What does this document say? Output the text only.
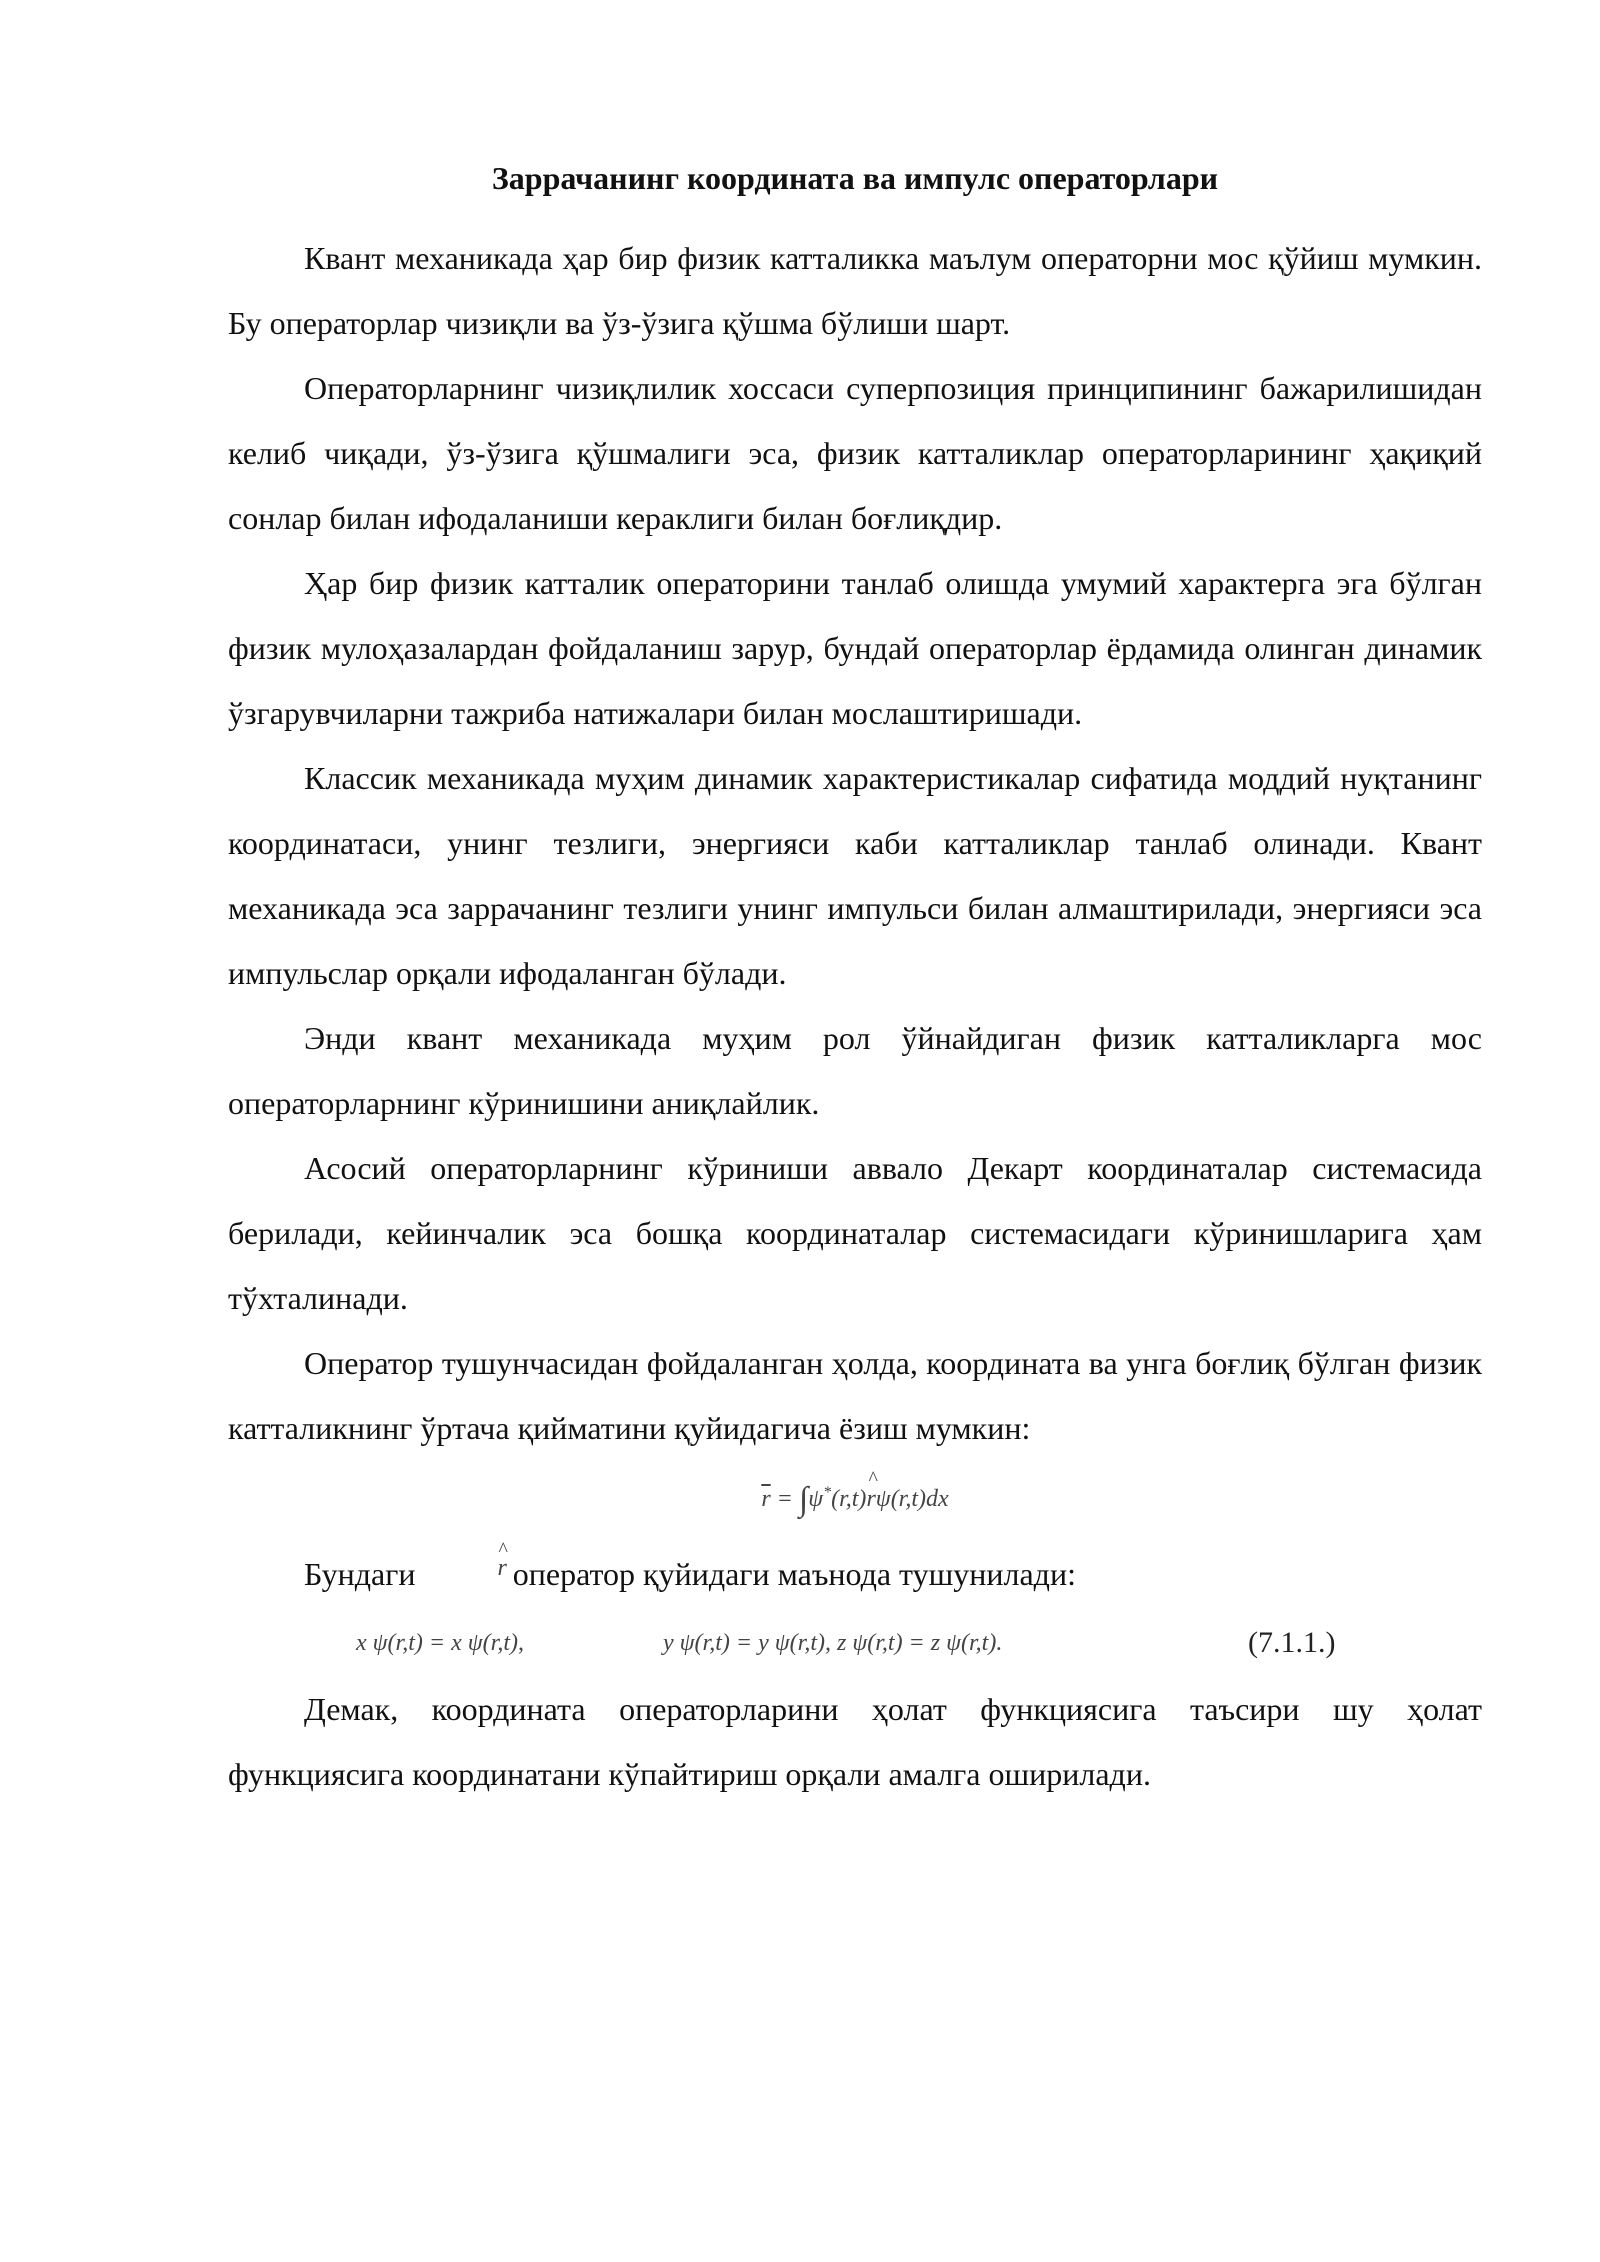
Заррачанинг координата ва импулс операторлари

Квант механикада ҳар бир физик катталикка маълум операторни мос қўйиш мумкин. Бу операторлар чизиқли ва ўз-ўзига қўшма бўлиши шарт.

Операторларнинг чизиқлилик хоссаси суперпозиция принципининг бажарилишидан келиб чиқади, ўз-ўзига қўшмалиги эса, физик катталиклар операторларининг ҳақиқий сонлар билан ифодаланиши кераклиги билан боғлиқдир.

Ҳар бир физик катталик операторини танлаб олишда умумий характерга эга бўлган физик мулоҳазалардан фойдаланиш зарур, бундай операторлар ёрдамида олинган динамик ўзгарувчиларни тажриба натижалари билан мослаштиришади.

Классик механикада муҳим динамик характеристикалар сифатида моддий нуқтанинг координатаси, унинг тезлиги, энергияси каби катталиклар танлаб олинади. Квант механикада эса заррачанинг тезлиги унинг импульси билан алмаштирилади, энергияси эса импульслар орқали ифодаланган бўлади.

Энди квант механикада муҳим рол ўйнайдиган физик катталикларга мос операторларнинг кўринишини аниқлайлик.

Асосий операторларнинг кўриниши аввало Декарт координаталар системасида берилади, кейинчалик эса бошқа координаталар системасидаги кўринишларига ҳам тўхталинади.

Оператор тушунчасидан фойдаланган ҳолда, координата ва унга боғлиқ бўлган физик катталикнинг ўртача қийматини қуйидагича ёзиш мумкин:

$\overline{r}$ = ∫ψ*(r,t)^ rψ(r,t)dx

Бундаги	^ r оператор қуйидаги маънода тушунилади:

x ψ(r,t) = x ψ(r,t),	y ψ(r,t) = y ψ(r,t), z ψ(r,t) = z ψ(r,t).	(7.1.1.)

Демак, координата операторларини ҳолат функциясига таъсири шу ҳолат функциясига координатани кўпайтириш орқали амалга оширилади.
